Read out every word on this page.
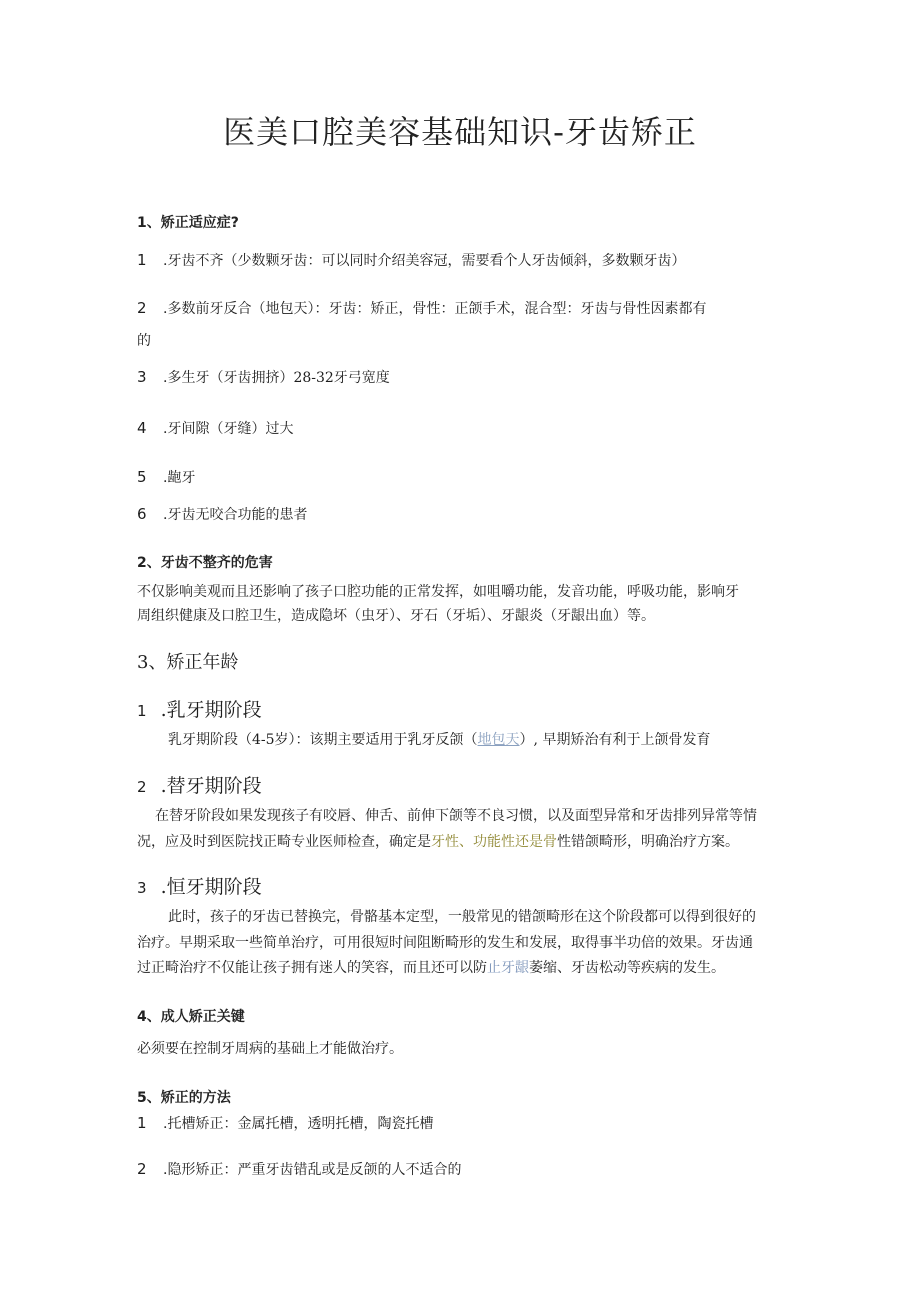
医美口腔美容基础知识-牙齿矫正
1、矫正适应症?
1 .牙齿不齐（少数颗牙齿：可以同时介绍美容冠，需要看个人牙齿倾斜，多数颗牙齿）
2 .多数前牙反合（地包天）：牙齿：矫正，骨性：正颌手术，混合型：牙齿与骨性因素都有
的
3 .多生牙（牙齿拥挤）28-32牙弓宽度
4 .牙间隙（牙缝）过大
5 .龅牙
6 .牙齿无咬合功能的患者
2、牙齿不整齐的危害
不仅影响美观而且还影响了孩子口腔功能的正常发挥，如咀嚼功能，发音功能，呼吸功能，影响牙
周组织健康及口腔卫生，造成隐坏（虫牙）、牙石（牙垢）、牙龈炎（牙龈出血）等。
3、矫正年龄
1 .乳牙期阶段
乳牙期阶段（4-5岁）：该期主要适用于乳牙反颌（地包天）, 早期矫治有利于上颌骨发育
2 .替牙期阶段
在替牙阶段如果发现孩子有咬唇、伸舌、前伸下颌等不良习惯，以及面型异常和牙齿排列异常等情
况，应及时到医院找正畸专业医师检查，确定是牙性、功能性还是骨性错颌畸形，明确治疗方案。
3 .恒牙期阶段
此时，孩子的牙齿已替换完，骨骼基本定型，一般常见的错颌畸形在这个阶段都可以得到很好的
治疗。早期采取一些简单治疗，可用很短时间阻断畸形的发生和发展，取得事半功倍的效果。牙齿通
过正畸治疗不仅能让孩子拥有迷人的笑容，而且还可以防止牙龈萎缩、牙齿松动等疾病的发生。
4、成人矫正关键
必须要在控制牙周病的基础上才能做治疗。
5、矫正的方法
1 .托槽矫正：金属托槽，透明托槽，陶瓷托槽
2 .隐形矫正：严重牙齿错乱或是反颌的人不适合的
